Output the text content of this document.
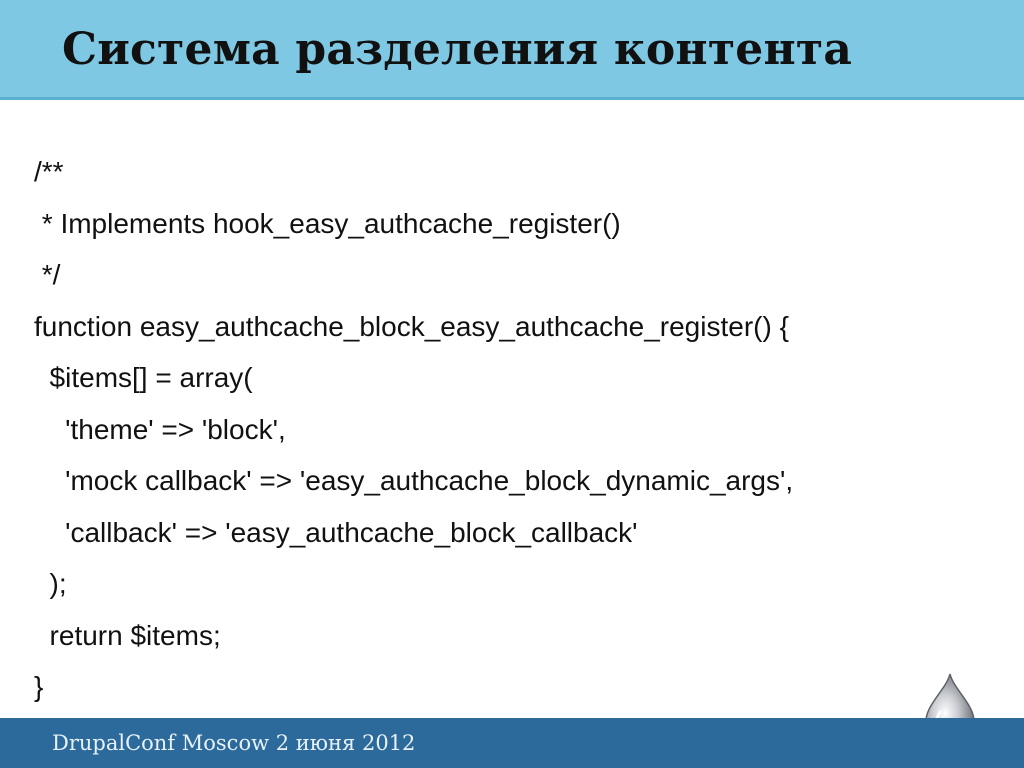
Система разделения контента
/**
* Implements hook_easy_authcache_register()
*/
function easy_authcache_block_easy_authcache_register() {
$items[] = array(
'theme' => 'block',
'mock callback' => 'easy_authcache_block_dynamic_args',
'callback' => 'easy_authcache_block_callback'
);
return $items;
}
DrupalConf Moscow 2 июня 2012
